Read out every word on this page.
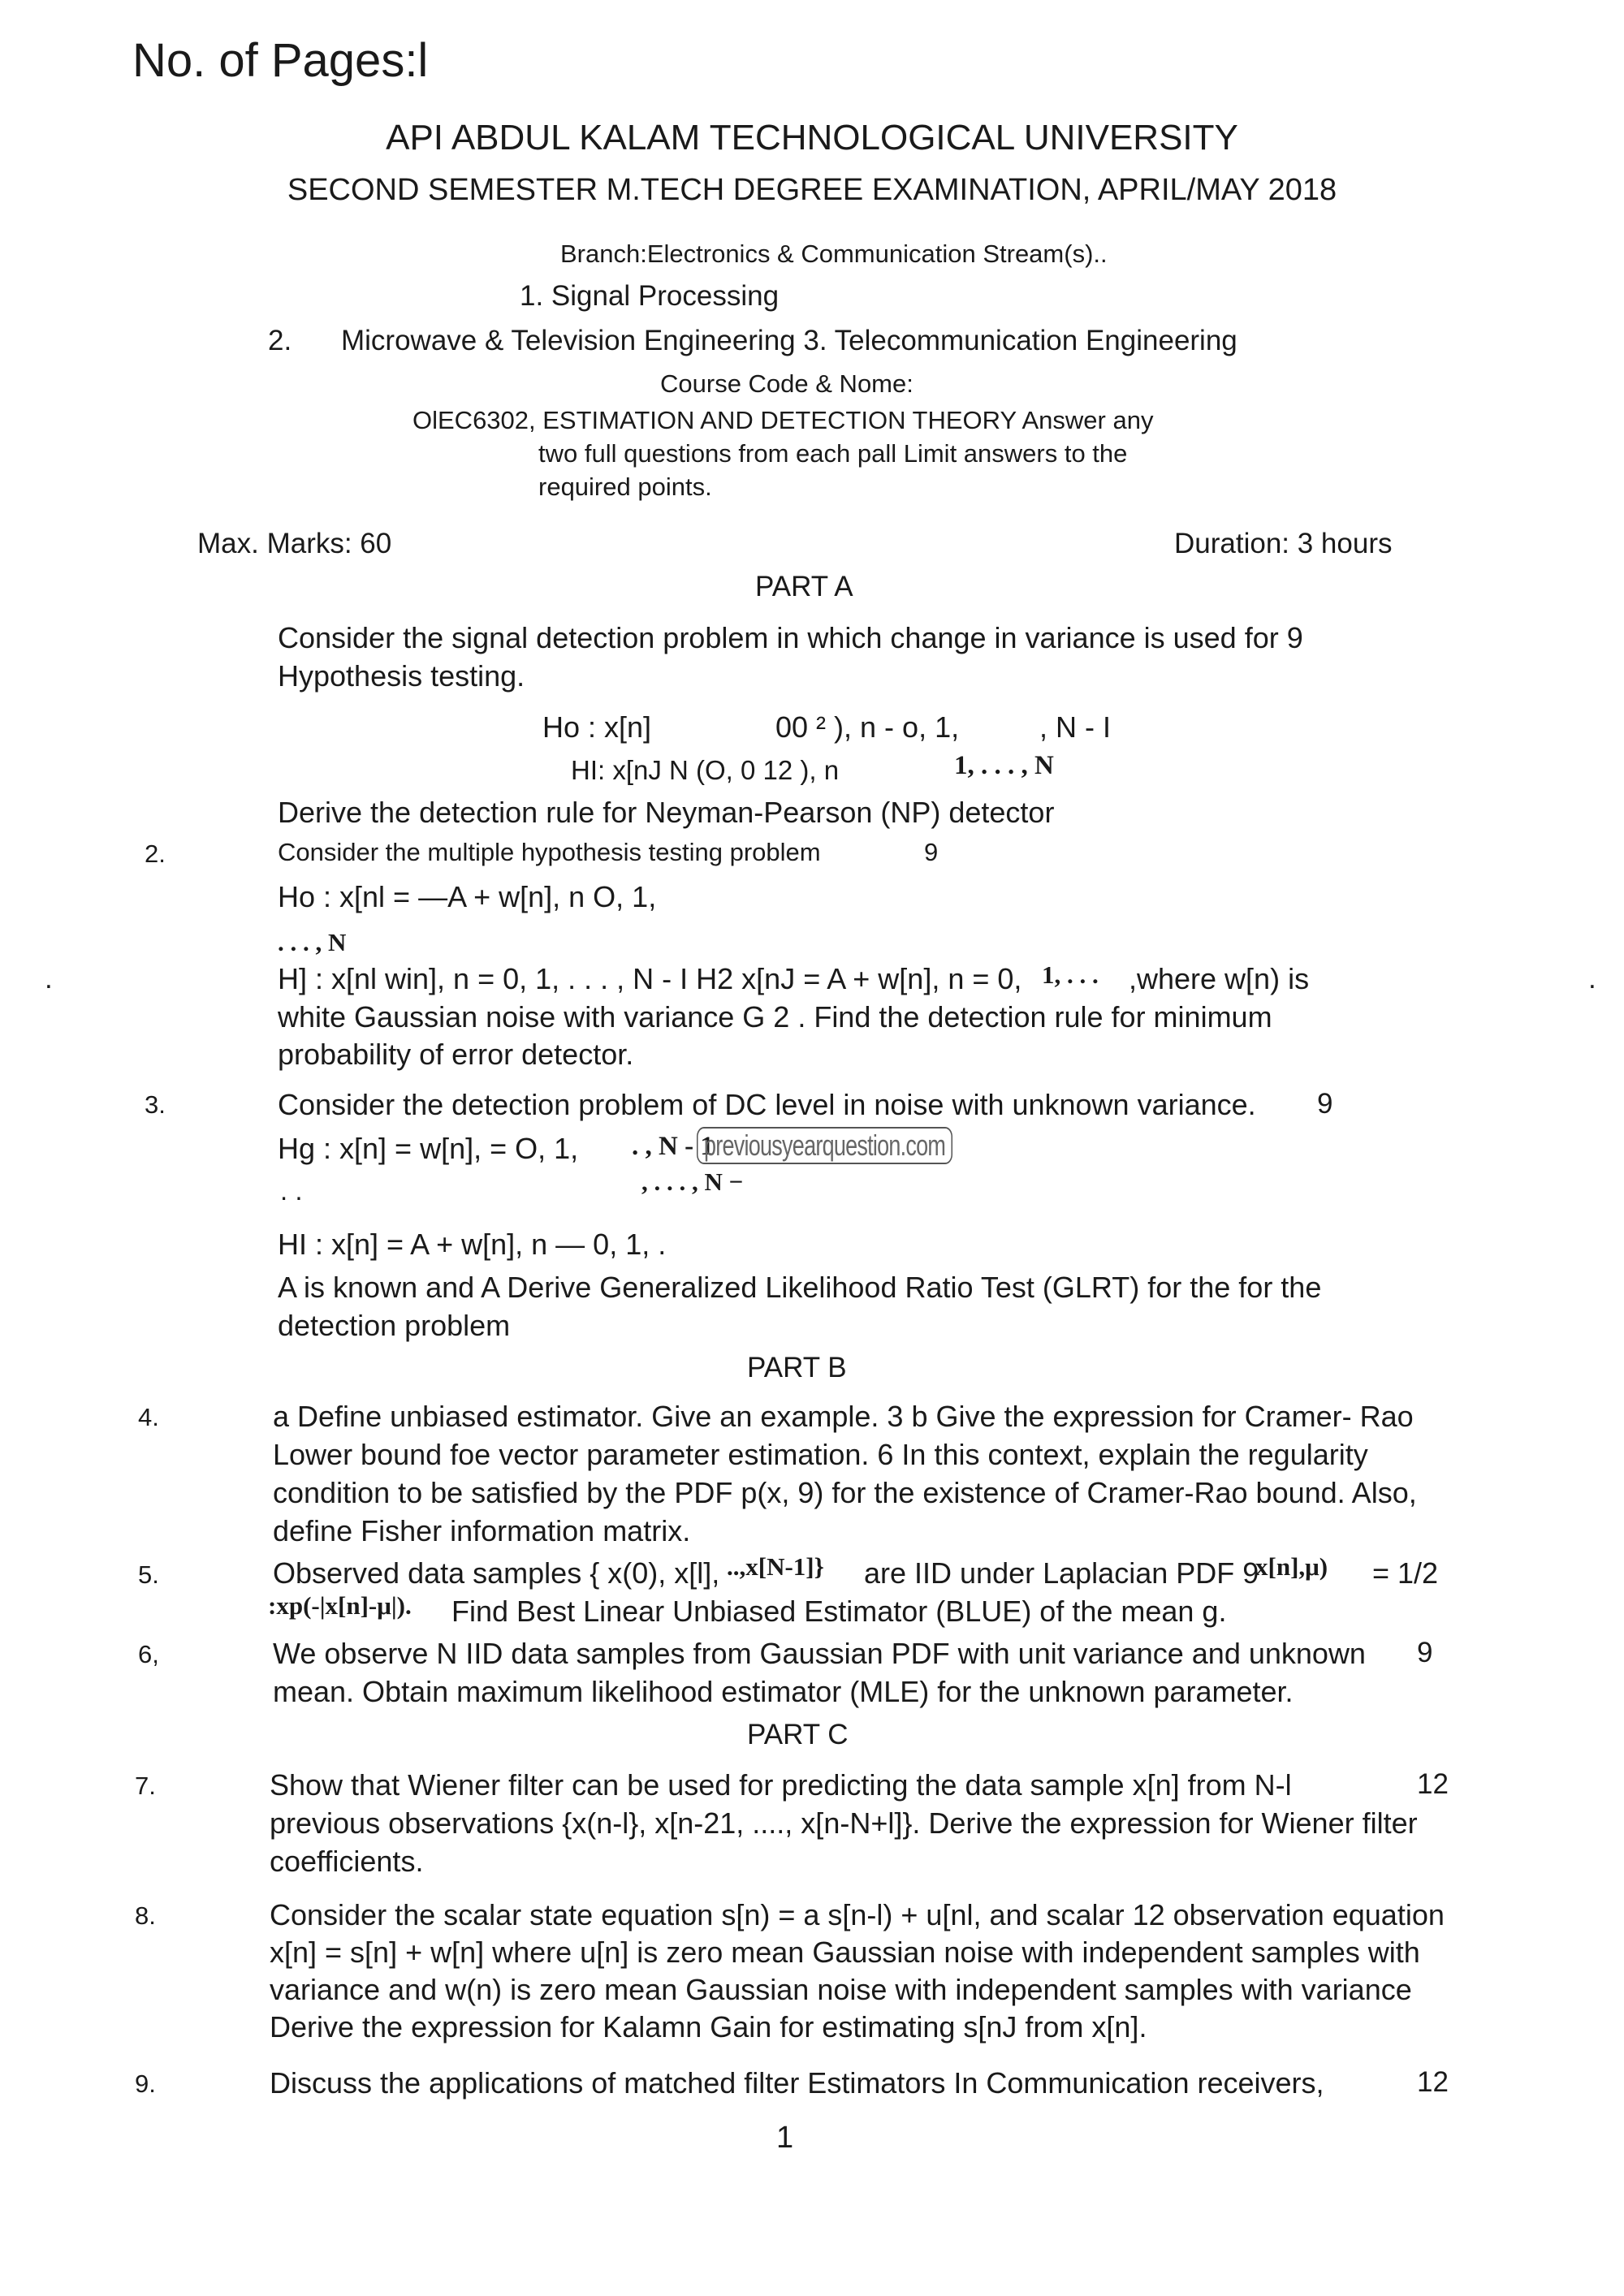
No. of Pages:l
API ABDUL KALAM TECHNOLOGICAL UNIVERSITY
SECOND SEMESTER M.TECH DEGREE EXAMINATION, APRIL/MAY 2018
Branch:Electronics & Communication Stream(s)..
1. Signal Processing
2. Microwave & Television Engineering 3. Telecommunication Engineering
Course Code & Nome:
OlEC6302, ESTIMATION AND DETECTION THEORY Answer any
two full questions from each pall Limit answers to the
required points.
Max. Marks: 60	Duration: 3 hours
PART A
Consider the signal detection problem in which change in variance is used for 9
Hypothesis testing.
Ho : x[n]	00 ² ), n - o, 1,	, N - I
HI: x[nJ N (O, 0 12 ), n	1, . . . , N
Derive the detection rule for Neyman-Pearson (NP) detector
2.	Consider the multiple hypothesis testing problem	9
Ho : x[nl = —A + w[n], n O, 1,
. . . , N
.	.
H] : x[nl win], n = 0, 1, . . . , N - I H2 x[nJ = A + w[n], n = 0, 1, . . . ,where w[n) is
white Gaussian noise with variance G 2 . Find the detection rule for minimum
probability of error detector.
3.	Consider the detection problem of DC level in noise with unknown variance. 9
Hg : x[n] = w[n], = O, 1, . , N - 1
previousyearquestion.com
. .	, . . . , N −
HI : x[n] = A + w[n], n — 0, 1, .
A is known and A Derive Generalized Likelihood Ratio Test (GLRT) for the for the
detection problem
PART B
4.	a Define unbiased estimator. Give an example. 3 b Give the expression for Cramer- Rao
Lower bound foe vector parameter estimation. 6 In this context, explain the regularity
condition to be satisfied by the PDF p(x, 9) for the existence of Cramer-Rao bound. Also,
define Fisher information matrix.
5.	Observed data samples { x(0), x[l], ..,x[N-1]} are IID under Laplacian PDF 9
x[n],μ) = 1/2
:xp(-|x[n]-μ|). Find Best Linear Unbiased Estimator (BLUE) of the mean g.
6,	We observe N IID data samples from Gaussian PDF with unit variance and unknown 9
mean. Obtain maximum likelihood estimator (MLE) for the unknown parameter.
PART C
7.	Show that Wiener filter can be used for predicting the data sample x[n] from N-l	12
previous observations {x(n-l}, x[n-21, ...., x[n-N+l]}. Derive the expression for Wiener filter
coefficients.
8.	Consider the scalar state equation s[n) = a s[n-l) + u[nl, and scalar 12 observation equation
x[n] = s[n] + w[n] where u[n] is zero mean Gaussian noise with independent samples with
variance and w(n) is zero mean Gaussian noise with independent samples with variance
Derive the expression for Kalamn Gain for estimating s[nJ from x[n].
9.	Discuss the applications of matched filter Estimators In Communication receivers,	12
1
